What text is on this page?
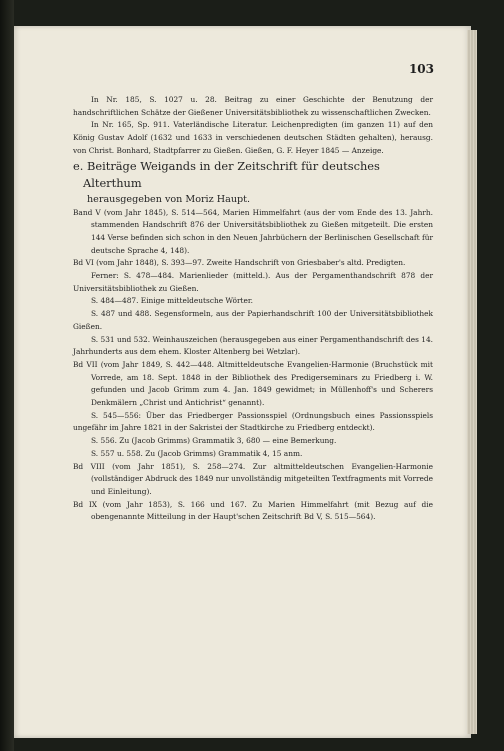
103

In Nr. 185, S. 1027 u. 28. Beitrag zu einer Geschichte der Benutzung der handschriftlichen Schätze der Gießener Universitätsbibliothek zu wissenschaftlichen Zwecken.

In Nr. 165, Sp. 911. Vaterländische Literatur. Leichenpredigten (im ganzen 11) auf den König Gustav Adolf (1632 und 1633 in verschiedenen deutschen Städten gehalten), herausg. von Christ. Bonhard, Stadtpfarrer zu Gießen. Gießen, G. F. Heyer 1845 — Anzeige.

e. Beiträge Weigands in der Zeitschrift für deutsches Alterthum

herausgegeben von Moriz Haupt.

Band V (vom Jahr 1845), S. 514—564, Marien Himmelfahrt (aus der vom Ende des 13. Jahrh. stammenden Handschrift 876 der Universitätsbibliothek zu Gießen mitgeteilt. Die ersten 144 Verse befinden sich schon in den Neuen Jahrbüchern der Berlinischen Gesellschaft für deutsche Sprache 4, 148).

Bd VI (vom Jahr 1848), S. 393—97. Zweite Handschrift von Griesbaber's altd. Predigten.

Ferner: S. 478—484. Marienlieder (mitteld.). Aus der Pergamenthandschrift 878 der Universitätsbibliothek zu Gießen.

S. 484—487. Einige mitteldeutsche Wörter.

S. 487 und 488. Segensformeln, aus der Papierhandschrift 100 der Universitätsbibliothek Gießen.

S. 531 und 532. Weinhauszeichen (herausgegeben aus einer Pergamenthandschrift des 14. Jahrhunderts aus dem ehem. Kloster Altenberg bei Wetzlar).

Bd VII (vom Jahr 1849, S. 442—448. Altmitteldeutsche Evangelien-Harmonie (Bruchstück mit Vorrede, am 18. Sept. 1848 in der Bibliothek des Predigerseminars zu Friedberg i. W. gefunden und Jacob Grimm zum 4. Jan. 1849 gewidmet; in Müllenhoff's und Scherers Denkmälern „Christ und Antichrist“ genannt).

S. 545—556: Über das Friedberger Passionsspiel (Ordnungsbuch eines Passionsspiels ungefähr im Jahre 1821 in der Sakristei der Stadtkirche zu Friedberg entdeckt).

S. 556. Zu (Jacob Grimms) Grammatik 3, 680 — eine Bemerkung.

S. 557 u. 558. Zu (Jacob Grimms) Grammatik 4, 15 anm.

Bd VIII (vom Jahr 1851), S. 258—274. Zur altmitteldeutschen Evangelien-Harmonie (vollständiger Abdruck des 1849 nur unvollständig mitgeteilten Textfragments mit Vorrede und Einleitung).

Bd IX (vom Jahr 1853), S. 166 und 167. Zu Marien Himmelfahrt (mit Bezug auf die obengenannte Mitteilung in der Haupt'schen Zeitschrift Bd V, S. 515—564).
